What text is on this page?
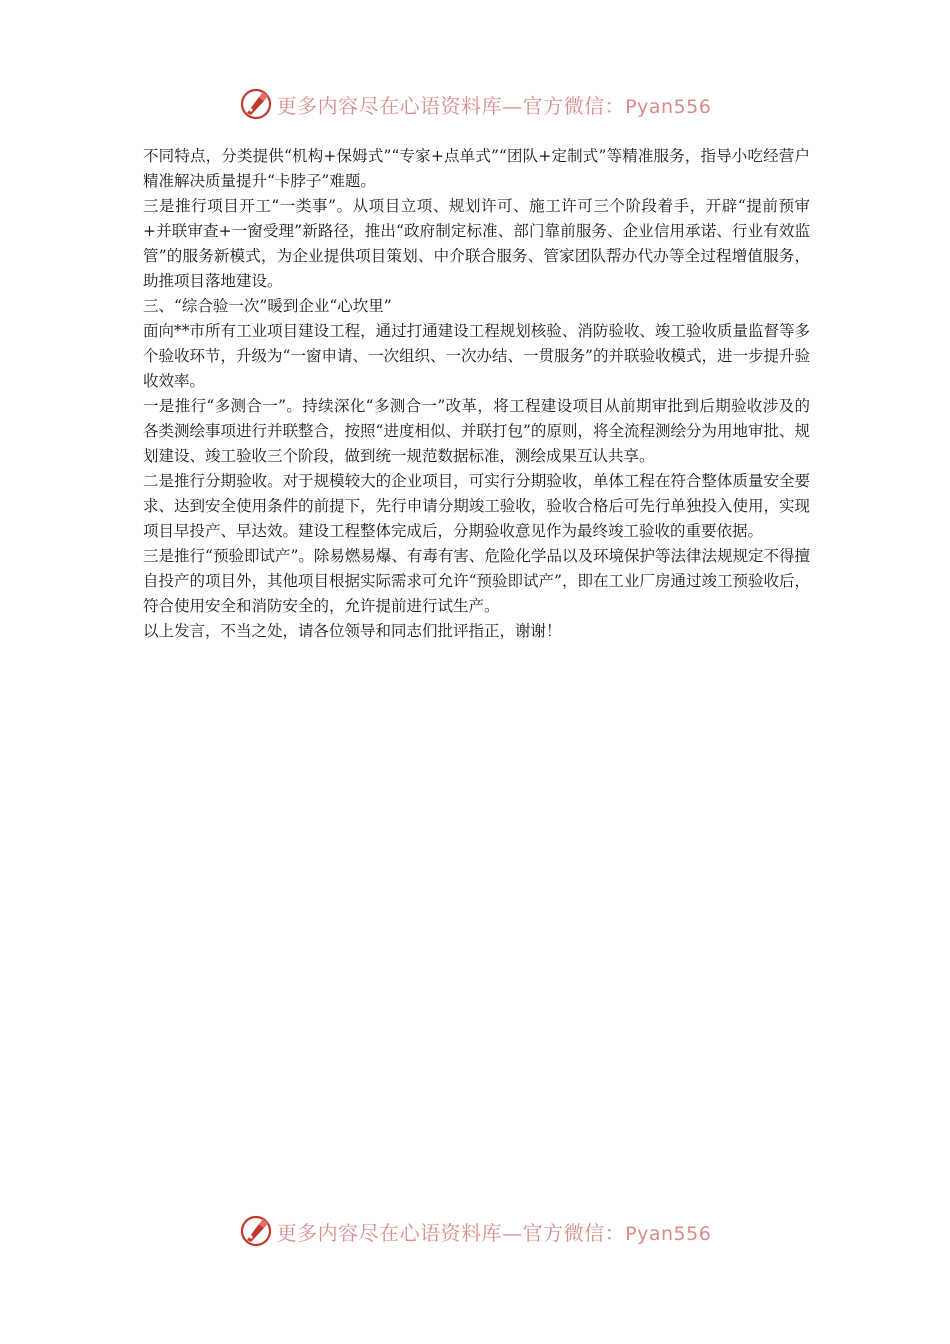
更多内容尽在心语资料库—官方微信：Pyan556

不同特点，分类提供“机构+保姆式”“专家+点单式”“团队+定制式”等精准服务，指导小吃经营户精准解决质量提升“卡脖子”难题。

三是推行项目开工“一类事”。从项目立项、规划许可、施工许可三个阶段着手，开辟“提前预审+并联审查+一窗受理”新路径，推出“政府制定标准、部门靠前服务、企业信用承诺、行业有效监管”的服务新模式，为企业提供项目策划、中介联合服务、管家团队帮办代办等全过程增值服务，助推项目落地建设。

三、“综合验一次”暖到企业“心坎里”

面向**市所有工业项目建设工程，通过打通建设工程规划核验、消防验收、竣工验收质量监督等多个验收环节，升级为“一窗申请、一次组织、一次办结、一贯服务”的并联验收模式，进一步提升验收效率。

一是推行“多测合一”。持续深化“多测合一”改革，将工程建设项目从前期审批到后期验收涉及的各类测绘事项进行并联整合，按照“进度相似、并联打包”的原则，将全流程测绘分为用地审批、规划建设、竣工验收三个阶段，做到统一规范数据标准，测绘成果互认共享。

二是推行分期验收。对于规模较大的企业项目，可实行分期验收，单体工程在符合整体质量安全要求、达到安全使用条件的前提下，先行申请分期竣工验收，验收合格后可先行单独投入使用，实现项目早投产、早达效。建设工程整体完成后，分期验收意见作为最终竣工验收的重要依据。

三是推行“预验即试产”。除易燃易爆、有毒有害、危险化学品以及环境保护等法律法规规定不得擅自投产的项目外，其他项目根据实际需求可允许“预验即试产”，即在工业厂房通过竣工预验收后，符合使用安全和消防安全的，允许提前进行试生产。

以上发言，不当之处，请各位领导和同志们批评指正，谢谢！

更多内容尽在心语资料库—官方微信：Pyan556
